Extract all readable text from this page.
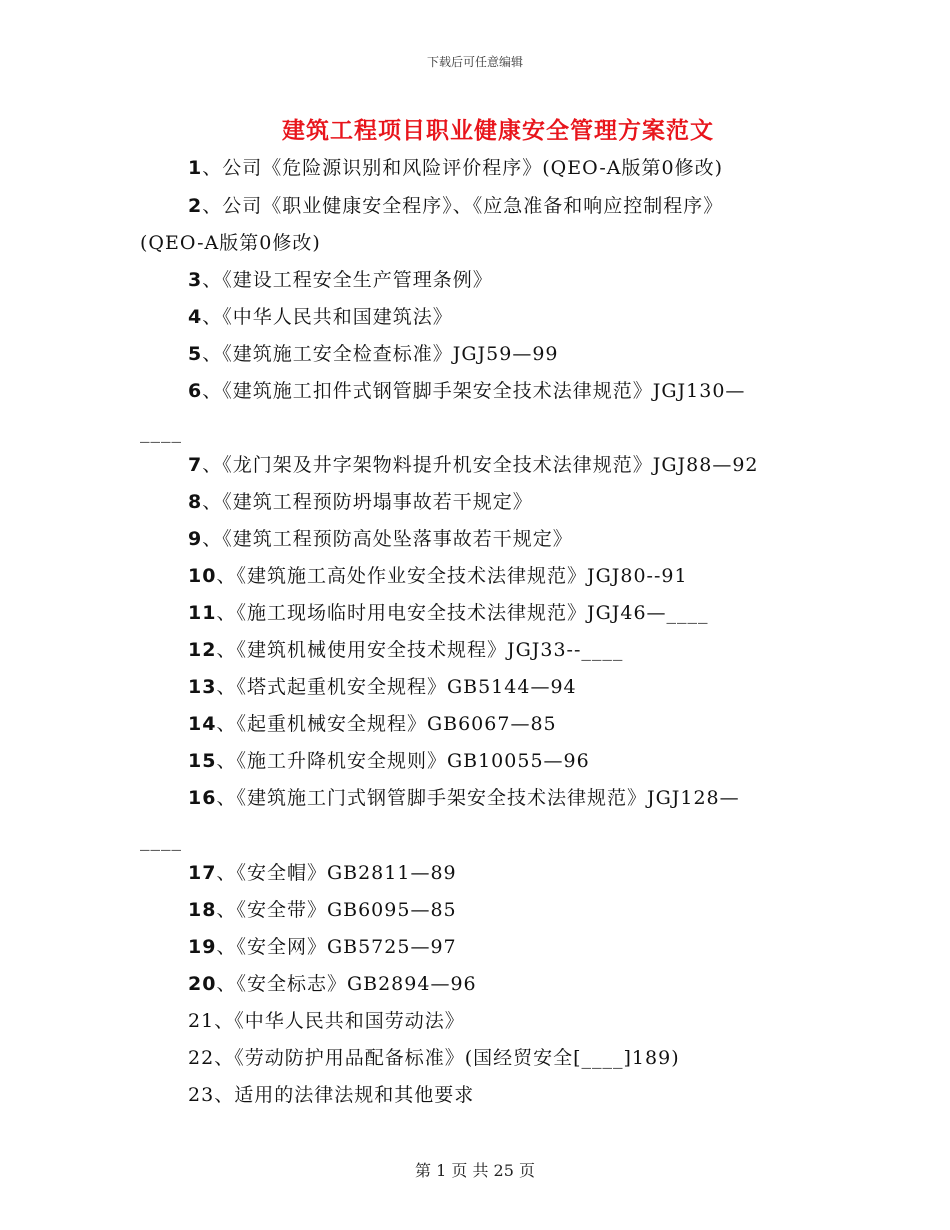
下载后可任意编辑
建筑工程项目职业健康安全管理方案范文
1、公司《危险源识别和风险评价程序》(QEO-A版第0修改)
2、公司《职业健康安全程序》、《应急准备和响应控制程序》
(QEO-A版第0修改)
3、《建设工程安全生产管理条例》
4、《中华人民共和国建筑法》
5、《建筑施工安全检查标准》JGJ59—99
6、《建筑施工扣件式钢管脚手架安全技术法律规范》JGJ130—
____
7、《龙门架及井字架物料提升机安全技术法律规范》JGJ88—92
8、《建筑工程预防坍塌事故若干规定》
9、《建筑工程预防高处坠落事故若干规定》
10、《建筑施工高处作业安全技术法律规范》JGJ80--91
11、《施工现场临时用电安全技术法律规范》JGJ46—____
12、《建筑机械使用安全技术规程》JGJ33--____
13、《塔式起重机安全规程》GB5144—94
14、《起重机械安全规程》GB6067—85
15、《施工升降机安全规则》GB10055—96
16、《建筑施工门式钢管脚手架安全技术法律规范》JGJ128—
____
17、《安全帽》GB2811—89
18、《安全带》GB6095—85
19、《安全网》GB5725—97
20、《安全标志》GB2894—96
21、《中华人民共和国劳动法》
22、《劳动防护用品配备标准》(国经贸安全[____]189)
23、适用的法律法规和其他要求
第 1 页 共 25 页
